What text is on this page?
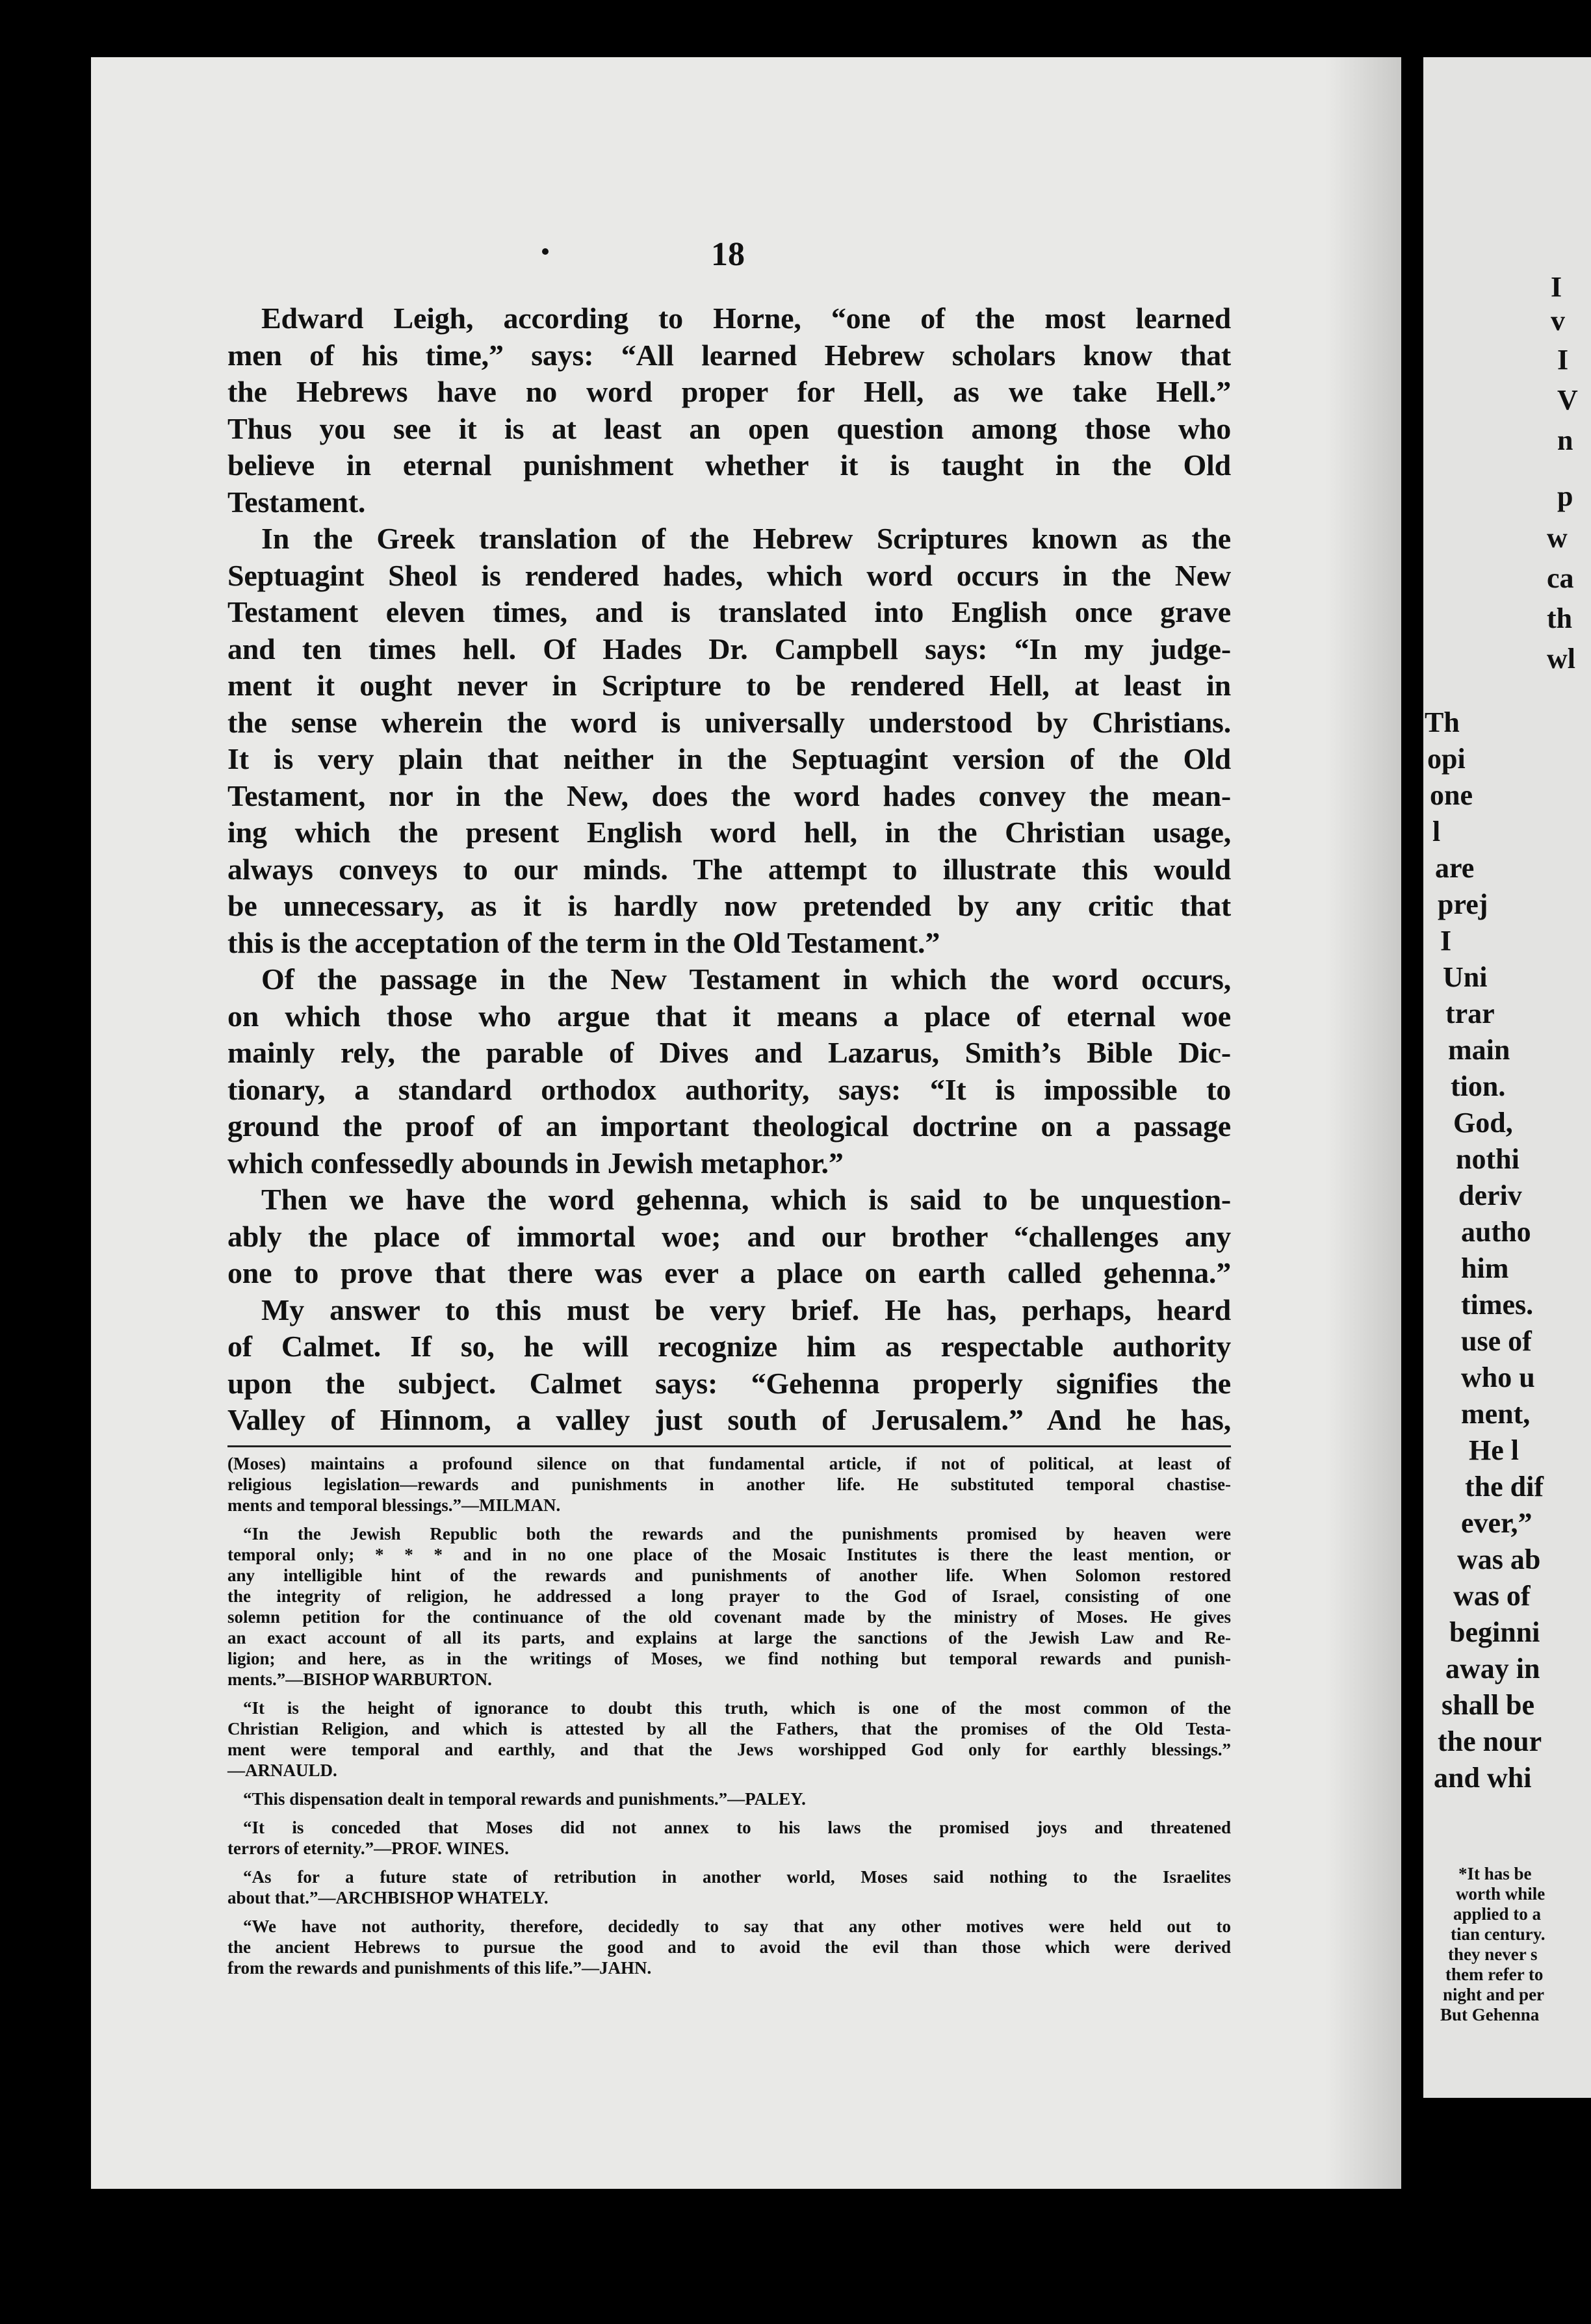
I
v
I
V
n
p
w
ca
th
wl
Th
opi
one
l
are
prej
I
Uni
trar
main
tion.
God,
nothi
deriv
autho
him
times.
use of
who u
ment,
He l
the dif
ever,”
was ab
was of
beginni
away in
shall be
the nour
and whi
*It has be
worth while
applied to a
tian century.
they never s
them refer to
night and per
But Gehenna
18
Edward Leigh, according to Horne, “one of the most learned
men of his time,” says: “All learned Hebrew scholars know that
the Hebrews have no word proper for Hell, as we take Hell.”
Thus you see it is at least an open question among those who
believe in eternal punishment whether it is taught in the Old
Testament.
In the Greek translation of the Hebrew Scriptures known as the
Septuagint Sheol is rendered hades, which word occurs in the New
Testament eleven times, and is translated into English once grave
and ten times hell. Of Hades Dr. Campbell says: “In my judge-
ment it ought never in Scripture to be rendered Hell, at least in
the sense wherein the word is universally understood by Christians.
It is very plain that neither in the Septuagint version of the Old
Testament, nor in the New, does the word hades convey the mean-
ing which the present English word hell, in the Christian usage,
always conveys to our minds. The attempt to illustrate this would
be unnecessary, as it is hardly now pretended by any critic that
this is the acceptation of the term in the Old Testament.”
Of the passage in the New Testament in which the word occurs,
on which those who argue that it means a place of eternal woe
mainly rely, the parable of Dives and Lazarus, Smith’s Bible Dic-
tionary, a standard orthodox authority, says: “It is impossible to
ground the proof of an important theological doctrine on a passage
which confessedly abounds in Jewish metaphor.”
Then we have the word gehenna, which is said to be unquestion-
ably the place of immortal woe; and our brother “challenges any
one to prove that there was ever a place on earth called gehenna.”
My answer to this must be very brief. He has, perhaps, heard
of Calmet. If so, he will recognize him as respectable authority
upon the subject. Calmet says: “Gehenna properly signifies the
Valley of Hinnom, a valley just south of Jerusalem.” And he has,
(Moses) maintains a profound silence on that fundamental article, if not of political, at least of
religious legislation—rewards and punishments in another life. He substituted temporal chastise-
ments and temporal blessings.”—MILMAN.
“In the Jewish Republic both the rewards and the punishments promised by heaven were
temporal only; * * * and in no one place of the Mosaic Institutes is there the least mention, or
any intelligible hint of the rewards and punishments of another life. When Solomon restored
the integrity of religion, he addressed a long prayer to the God of Israel, consisting of one
solemn petition for the continuance of the old covenant made by the ministry of Moses. He gives
an exact account of all its parts, and explains at large the sanctions of the Jewish Law and Re-
ligion; and here, as in the writings of Moses, we find nothing but temporal rewards and punish-
ments.”—BISHOP WARBURTON.
“It is the height of ignorance to doubt this truth, which is one of the most common of the
Christian Religion, and which is attested by all the Fathers, that the promises of the Old Testa-
ment were temporal and earthly, and that the Jews worshipped God only for earthly blessings.”
—ARNAULD.
“This dispensation dealt in temporal rewards and punishments.”—PALEY.
“It is conceded that Moses did not annex to his laws the promised joys and threatened
terrors of eternity.”—PROF. WINES.
“As for a future state of retribution in another world, Moses said nothing to the Israelites
about that.”—ARCHBISHOP WHATELY.
“We have not authority, therefore, decidedly to say that any other motives were held out to
the ancient Hebrews to pursue the good and to avoid the evil than those which were derived
from the rewards and punishments of this life.”—JAHN.
